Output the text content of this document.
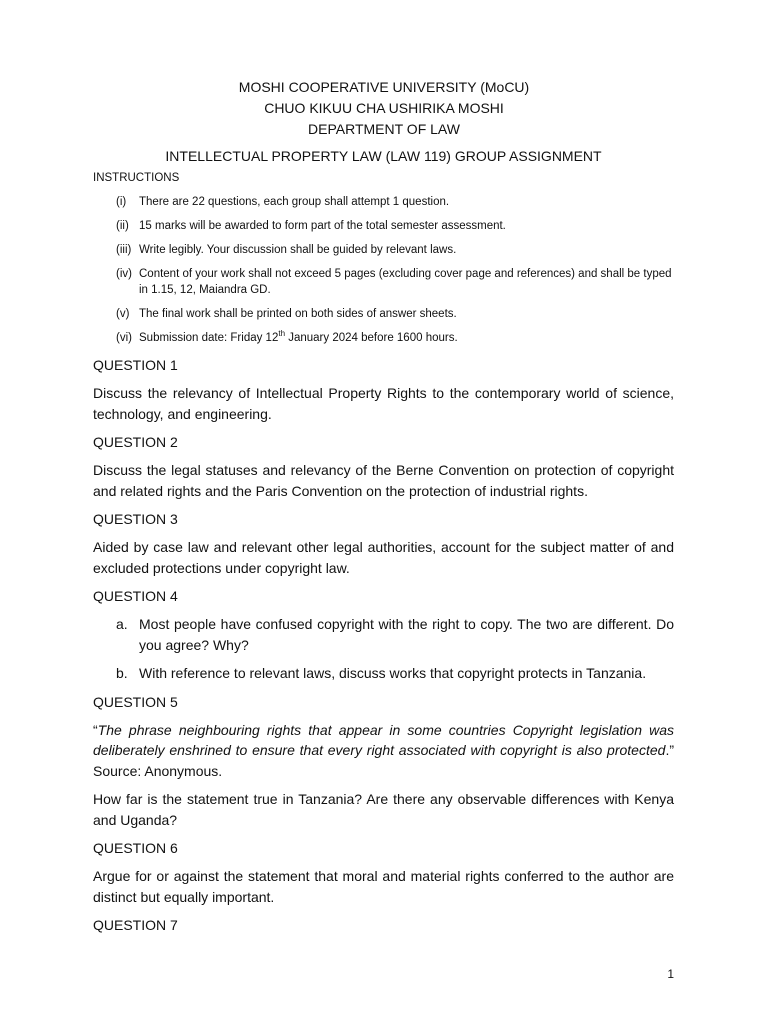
MOSHI COOPERATIVE UNIVERSITY (MoCU)
CHUO KIKUU CHA USHIRIKA MOSHI
DEPARTMENT OF LAW
INTELLECTUAL PROPERTY LAW (LAW 119) GROUP ASSIGNMENT
INSTRUCTIONS
(i)	There are 22 questions, each group shall attempt 1 question.
(ii) 15 marks will be awarded to form part of the total semester assessment.
(iii) Write legibly. Your discussion shall be guided by relevant laws.
(iv) Content of your work shall not exceed 5 pages (excluding cover page and references) and shall be typed in 1.15, 12, Maiandra GD.
(v) The final work shall be printed on both sides of answer sheets.
(vi) Submission date: Friday 12th January 2024 before 1600 hours.
QUESTION 1
Discuss the relevancy of Intellectual Property Rights to the contemporary world of science, technology, and engineering.
QUESTION 2
Discuss the legal statuses and relevancy of the Berne Convention on protection of copyright and related rights and the Paris Convention on the protection of industrial rights.
QUESTION 3
Aided by case law and relevant other legal authorities, account for the subject matter of and excluded protections under copyright law.
QUESTION 4
a. Most people have confused copyright with the right to copy. The two are different. Do you agree? Why?
b. With reference to relevant laws, discuss works that copyright protects in Tanzania.
QUESTION 5
“The phrase neighbouring rights that appear in some countries Copyright legislation was deliberately enshrined to ensure that every right associated with copyright is also protected.” Source: Anonymous.
How far is the statement true in Tanzania? Are there any observable differences with Kenya and Uganda?
QUESTION 6
Argue for or against the statement that moral and material rights conferred to the author are distinct but equally important.
QUESTION 7
1
